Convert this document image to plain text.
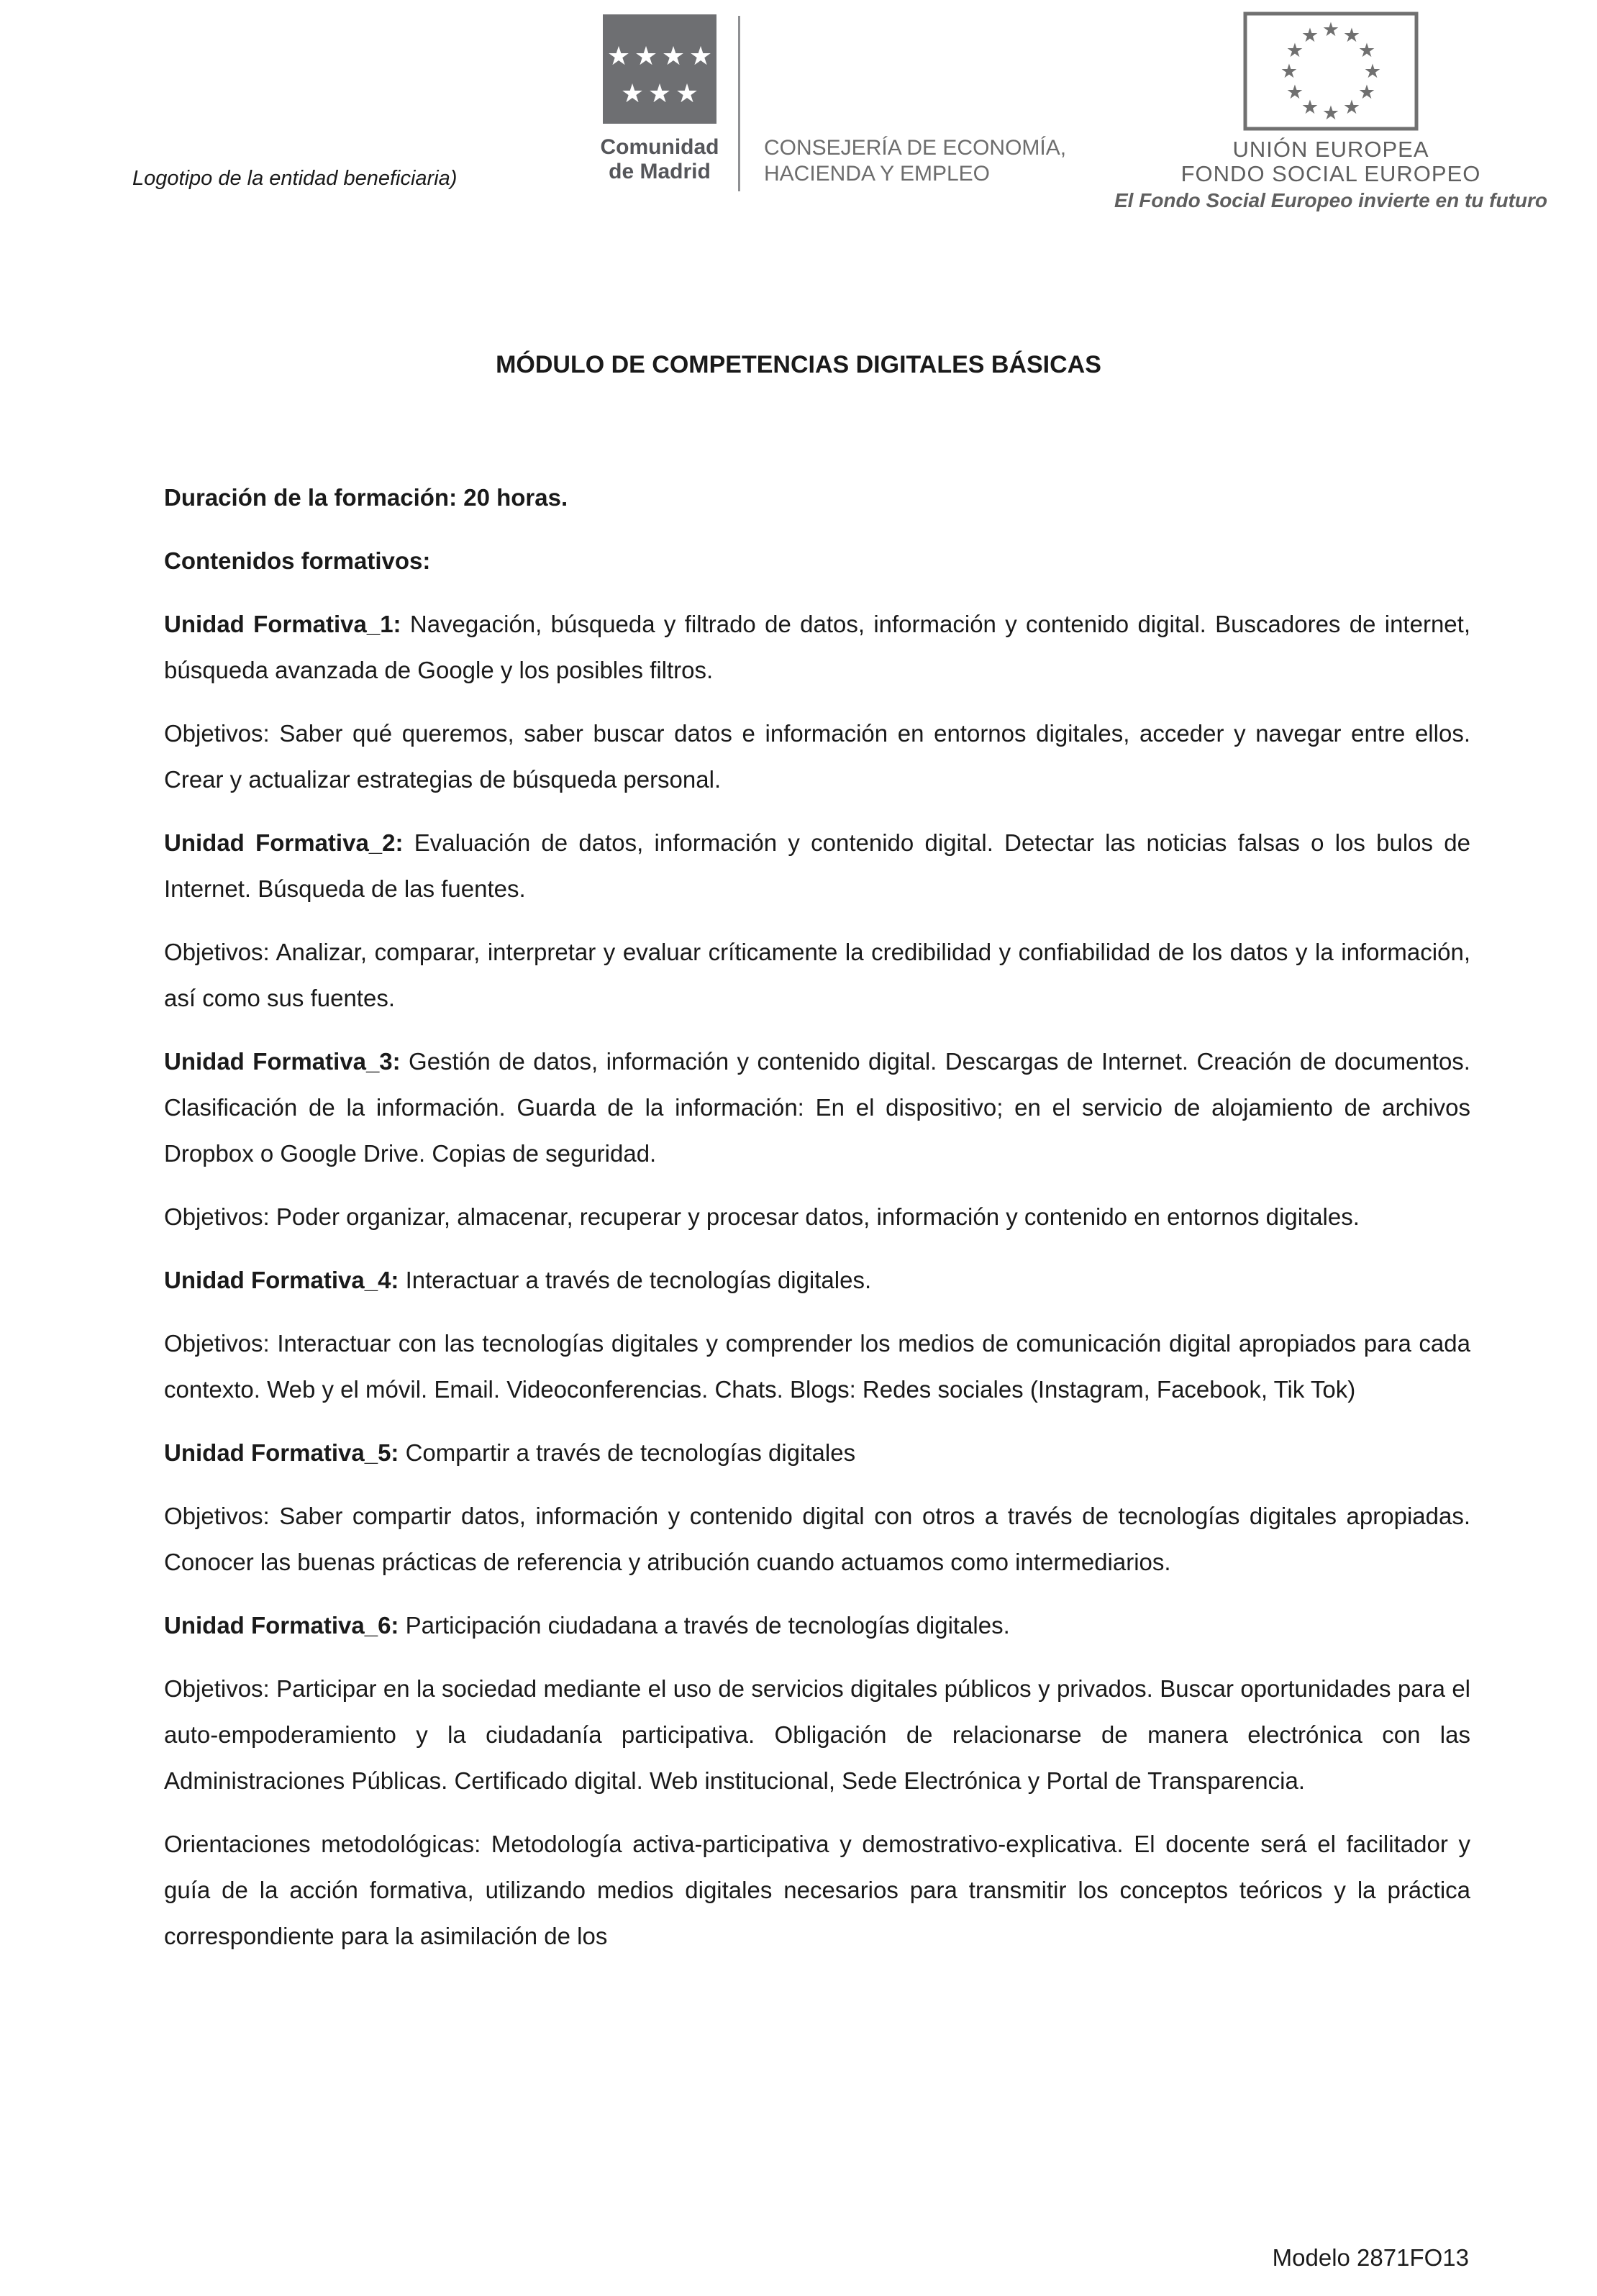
Logotipo de la entidad beneficiaria)
★ ★ ★ ★
★ ★ ★
Comunidad
de Madrid
CONSEJERÍA DE ECONOMÍA,
HACIENDA Y EMPLEO
★ ★
★
★
★
★
★
★
★
★
★
★
UNIÓN EUROPEA
FONDO SOCIAL EUROPEO
El Fondo Social Europeo invierte en tu futuro
MÓDULO DE COMPETENCIAS DIGITALES BÁSICAS

Duración de la formación: 20 horas.

Contenidos formativos:

Unidad Formativa_1: Navegación, búsqueda y filtrado de datos, información y contenido digital. Buscadores de internet, búsqueda avanzada de Google y los posibles filtros.

Objetivos: Saber qué queremos, saber buscar datos e información en entornos digitales, acceder y navegar entre ellos. Crear y actualizar estrategias de búsqueda personal.

Unidad Formativa_2: Evaluación de datos, información y contenido digital. Detectar las noticias falsas o los bulos de Internet. Búsqueda de las fuentes.

Objetivos: Analizar, comparar, interpretar y evaluar críticamente la credibilidad y confiabilidad de los datos y la información, así como sus fuentes.

Unidad Formativa_3: Gestión de datos, información y contenido digital. Descargas de Internet. Creación de documentos. Clasificación de la información. Guarda de la información: En el dispositivo; en el servicio de alojamiento de archivos Dropbox o Google Drive. Copias de seguridad.

Objetivos: Poder organizar, almacenar, recuperar y procesar datos, información y contenido en entornos digitales.

Unidad Formativa_4: Interactuar a través de tecnologías digitales.

Objetivos: Interactuar con las tecnologías digitales y comprender los medios de comunicación digital apropiados para cada contexto. Web y el móvil. Email. Videoconferencias. Chats. Blogs: Redes sociales (Instagram, Facebook, Tik Tok)

Unidad Formativa_5: Compartir a través de tecnologías digitales

Objetivos: Saber compartir datos, información y contenido digital con otros a través de tecnologías digitales apropiadas. Conocer las buenas prácticas de referencia y atribución cuando actuamos como intermediarios.

Unidad Formativa_6: Participación ciudadana a través de tecnologías digitales.

Objetivos: Participar en la sociedad mediante el uso de servicios digitales públicos y privados. Buscar oportunidades para el auto-empoderamiento y la ciudadanía participativa. Obligación de relacionarse de manera electrónica con las Administraciones Públicas. Certificado digital. Web institucional, Sede Electrónica y Portal de Transparencia.

Orientaciones metodológicas: Metodología activa-participativa y demostrativo-explicativa. El docente será el facilitador y guía de la acción formativa, utilizando medios digitales necesarios para transmitir los conceptos teóricos y la práctica correspondiente para la asimilación de los

Modelo 2871FO13
